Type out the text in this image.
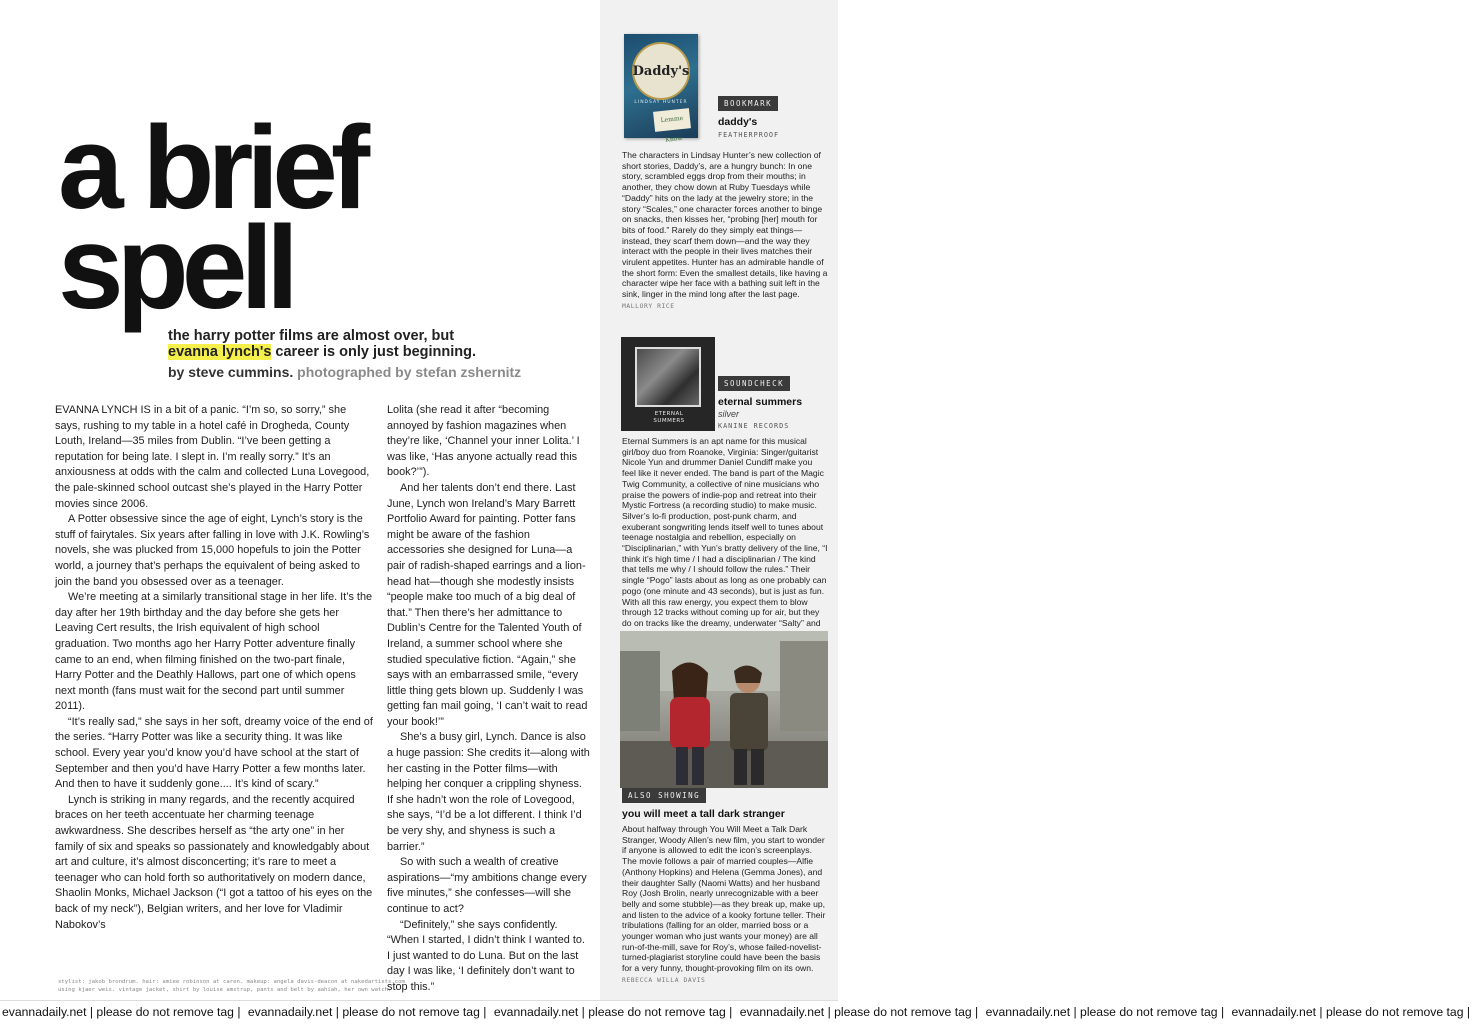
a brief
spell
the harry potter films are almost over, but
evanna lynch's career is only just beginning.
by steve cummins. photographed by stefan zshernitz

EVANNA LYNCH IS in a bit of a panic. “I’m so, so sorry,” she says, rushing to my table in a hotel café in Drogheda, County Louth, Ireland—35 miles from Dublin. “I’ve been getting a reputation for being late. I slept in. I’m really sorry.” It’s an anxiousness at odds with the calm and collected Luna Lovegood, the pale-skinned school outcast she’s played in the Harry Potter movies since 2006.

A Potter obsessive since the age of eight, Lynch’s story is the stuff of fairytales. Six years after falling in love with J.K. Rowling’s novels, she was plucked from 15,000 hopefuls to join the Potter world, a journey that’s perhaps the equivalent of being asked to join the band you obsessed over as a teenager.

We’re meeting at a similarly transitional stage in her life. It’s the day after her 19th birthday and the day before she gets her Leaving Cert results, the Irish equivalent of high school graduation. Two months ago her Harry Potter adventure finally came to an end, when filming finished on the two-part finale, Harry Potter and the Deathly Hallows, part one of which opens next month (fans must wait for the second part until summer 2011).

“It’s really sad,” she says in her soft, dreamy voice of the end of the series. “Harry Potter was like a security thing. It was like school. Every year you’d know you’d have school at the start of September and then you’d have Harry Potter a few months later. And then to have it suddenly gone.... It’s kind of scary.”

Lynch is striking in many regards, and the recently acquired braces on her teeth accentuate her charming teenage awkwardness. She describes herself as “the arty one” in her family of six and speaks so passionately and knowledgably about art and culture, it’s almost disconcerting; it’s rare to meet a teenager who can hold forth so authoritatively on modern dance, Shaolin Monks, Michael Jackson (“I got a tattoo of his eyes on the back of my neck”), Belgian writers, and her love for Vladimir Nabokov’s

Lolita (she read it after “becoming annoyed by fashion magazines when they’re like, ‘Channel your inner Lolita.’ I was like, ‘Has anyone actually read this book?’”).

And her talents don’t end there. Last June, Lynch won Ireland’s Mary Barrett Portfolio Award for painting. Potter fans might be aware of the fashion accessories she designed for Luna—a pair of radish-shaped earrings and a lion-head hat—though she modestly insists “people make too much of a big deal of that.” Then there’s her admittance to Dublin’s Centre for the Talented Youth of Ireland, a summer school where she studied speculative fiction. “Again,” she says with an embarrassed smile, “every little thing gets blown up. Suddenly I was getting fan mail going, ‘I can’t wait to read your book!’”

She’s a busy girl, Lynch. Dance is also a huge passion: She credits it—along with her casting in the Potter films—with helping her conquer a crippling shyness. If she hadn’t won the role of Lovegood, she says, “I’d be a lot different. I think I’d be very shy, and shyness is such a barrier.”

So with such a wealth of creative aspirations—“my ambitions change every five minutes,” she confesses—will she continue to act?

“Definitely,” she says confidently. “When I started, I didn’t think I wanted to. I just wanted to do Luna. But on the last day I was like, ‘I definitely don’t want to stop this.”

stylist: jakob brondrum. hair: amiee robinson at caren. makeup: angela davis-deacon at nakedartists.com
using kjaer weis. vintage jacket, shirt by louise amstrup, pants and belt by aahiah, her own watch.
Daddy's
LINDSAY HUNTER
Lemme Know
BOOKMARK
daddy's
FEATHERPROOF
The characters in Lindsay Hunter’s new collection of short stories, Daddy’s, are a hungry bunch: In one story, scrambled eggs drop from their mouths; in another, they chow down at Ruby Tuesdays while “Daddy” hits on the lady at the jewelry store; in the story “Scales,” one character forces another to binge on snacks, then kisses her, “probing [her] mouth for bits of food.” Rarely do they simply eat things—instead, they scarf them down—and the way they interact with the people in their lives matches their virulent appetites. Hunter has an admirable handle of the short form: Even the smallest details, like having a character wipe her face with a bathing suit left in the sink, linger in the mind long after the last page. MALLORY RICE
ETERNAL SUMMERS
SOUNDCHECK
eternal summers
silver
KANINE RECORDS
Eternal Summers is an apt name for this musical girl/boy duo from Roanoke, Virginia: Singer/guitarist Nicole Yun and drummer Daniel Cundiff make you feel like it never ended. The band is part of the Magic Twig Community, a collective of nine musicians who praise the powers of indie-pop and retreat into their Mystic Fortress (a recording studio) to make music. Silver’s lo-fi production, post-punk charm, and exuberant songwriting lends itself well to tunes about teenage nostalgia and rebellion, especially on “Disciplinarian,” with Yun’s bratty delivery of the line, “I think it’s high time / I had a disciplinarian / The kind that tells me why / I should follow the rules.” Their single “Pogo” lasts about as long as one probably can pogo (one minute and 43 seconds), but is just as fun. With all this raw energy, you expect them to blow through 12 tracks without coming up for air, but they do on tracks like the dreamy, underwater “Salty” and
ALSO SHOWING
you will meet a tall dark stranger
About halfway through You Will Meet a Talk Dark Stranger, Woody Allen’s new film, you start to wonder if anyone is allowed to edit the icon’s screenplays. The movie follows a pair of married couples—Alfie (Anthony Hopkins) and Helena (Gemma Jones), and their daughter Sally (Naomi Watts) and her husband Roy (Josh Brolin, nearly unrecognizable with a beer belly and some stubble)—as they break up, make up, and listen to the advice of a kooky fortune teller. Their tribulations (falling for an older, married boss or a younger woman who just wants your money) are all run-of-the-mill, save for Roy’s, whose failed-novelist-turned-plagiarist storyline could have been the basis for a very funny, thought-provoking film on its own. REBECCA WILLA DAVIS
evannadaily.net | please do not remove tag | evannadaily.net | please do not remove tag | evannadaily.net | please do not remove tag | evannadaily.net | please do not remove tag | evannadaily.net | please do not remove tag | evannadaily.net | please do not remove tag |
